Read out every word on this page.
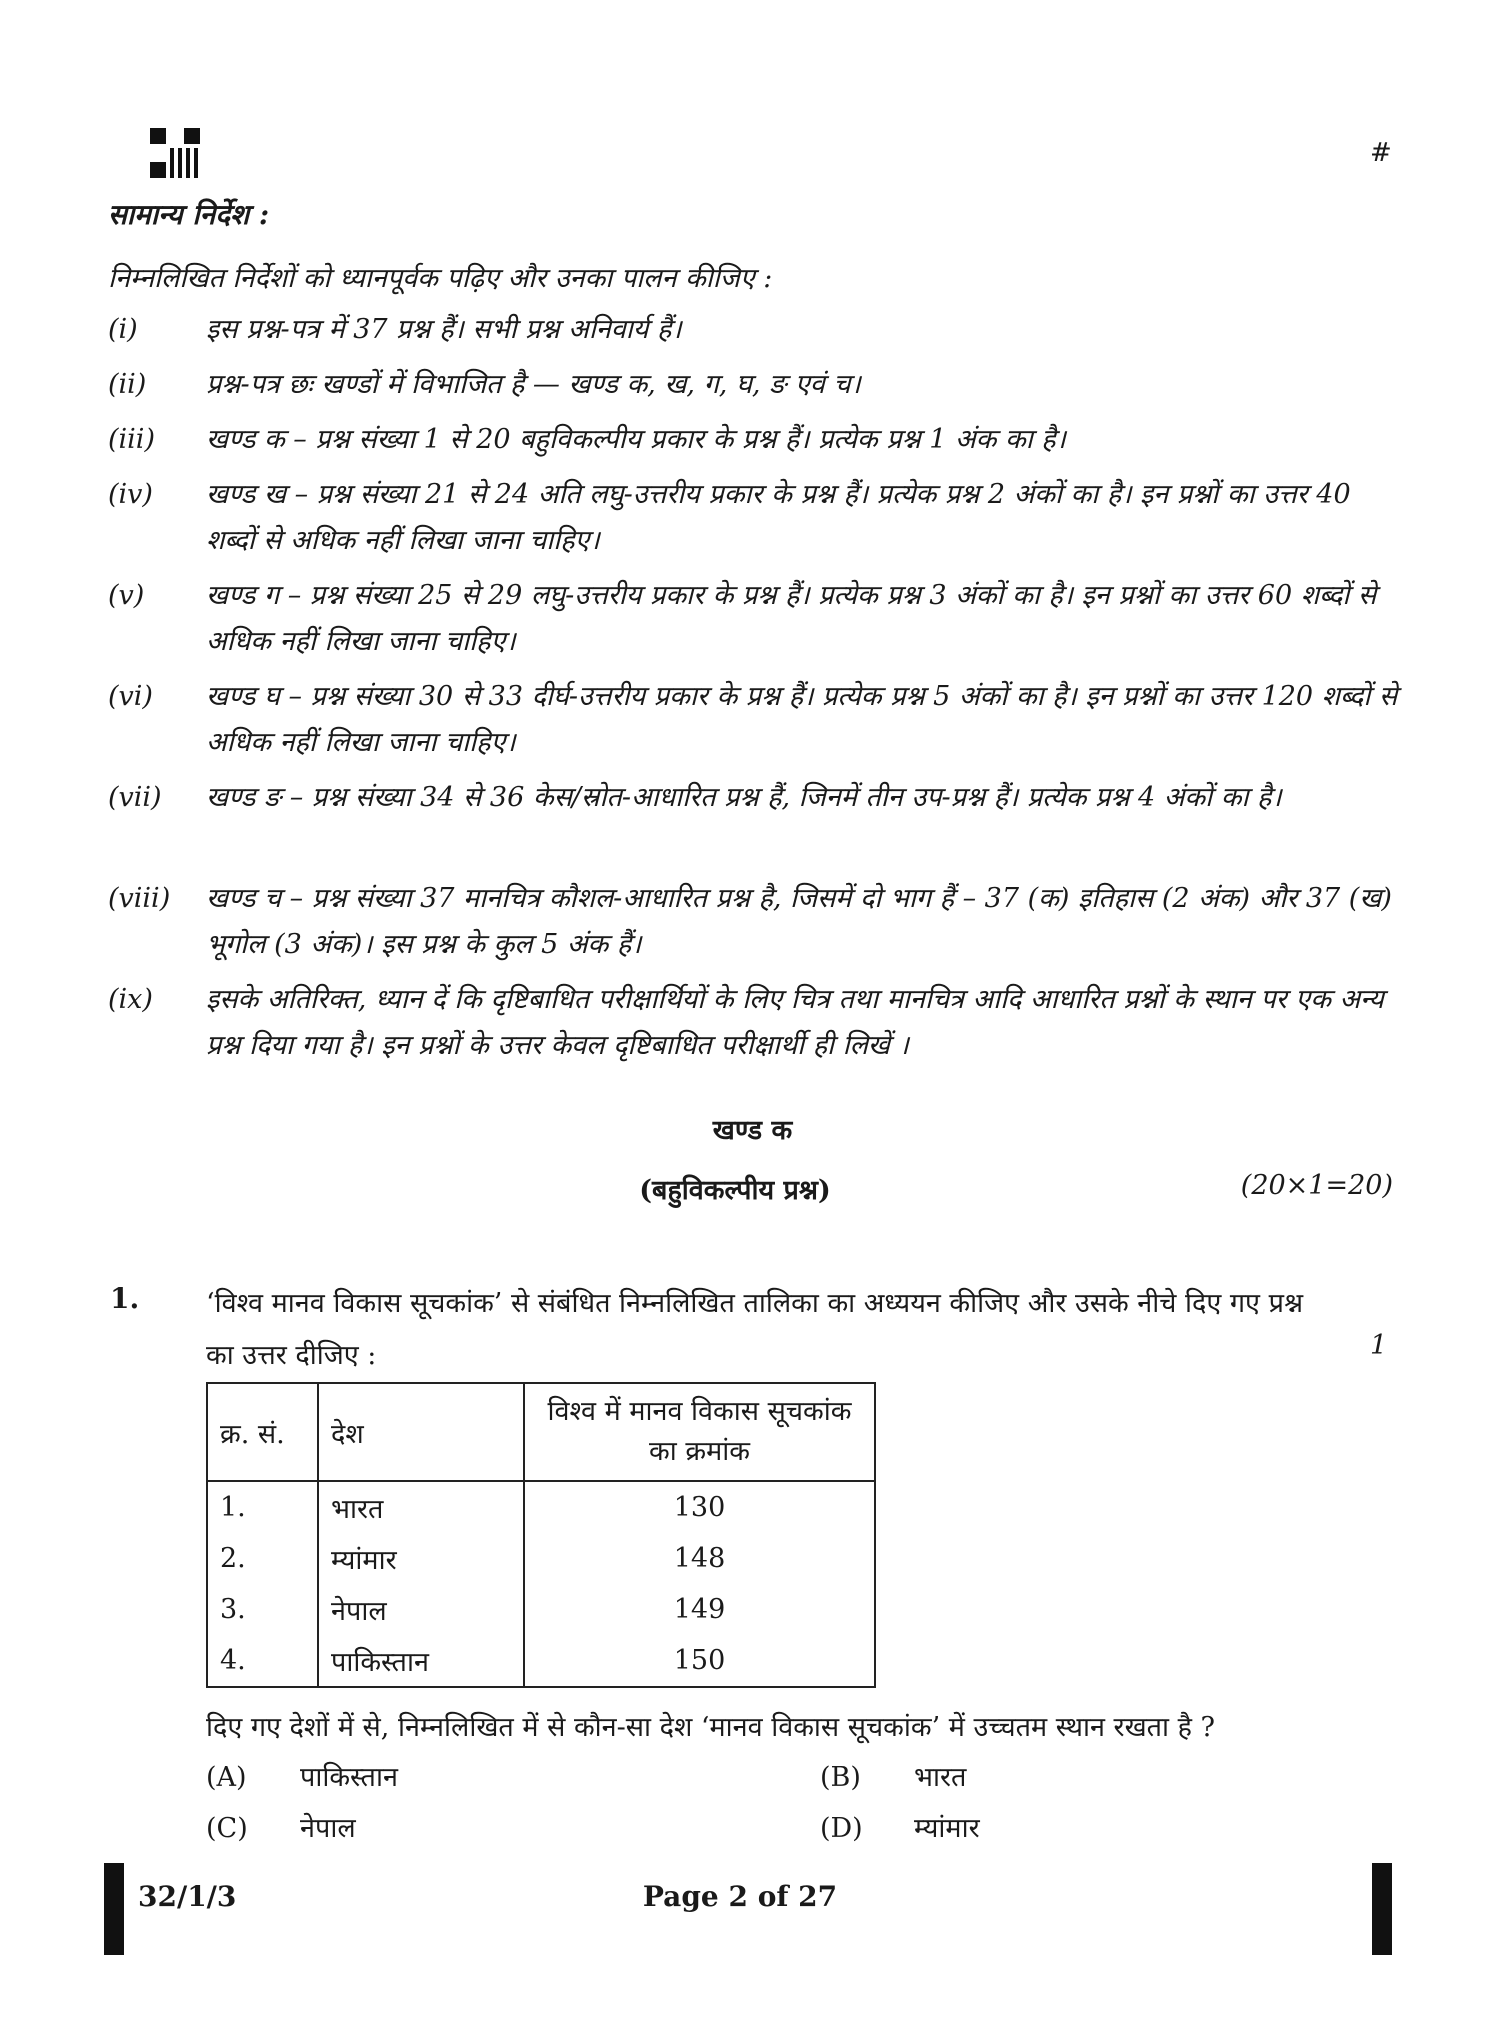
#
सामान्य निर्देश :
निम्नलिखित निर्देशों को ध्यानपूर्वक पढ़िए और उनका पालन कीजिए :
(i)	इस प्रश्न-पत्र में 37 प्रश्न हैं। सभी प्रश्न अनिवार्य हैं।
(ii) प्रश्न-पत्र छः खण्डों में विभाजित है — खण्ड क, ख, ग, घ, ङ एवं च।
(iii) खण्ड क – प्रश्न संख्या 1 से 20 बहुविकल्पीय प्रकार के प्रश्न हैं। प्रत्येक प्रश्न 1 अंक का है।
(iv) खण्ड ख – प्रश्न संख्या 21 से 24 अति लघु-उत्तरीय प्रकार के प्रश्न हैं। प्रत्येक प्रश्न 2 अंकों का है। इन प्रश्नों का उत्तर 40 शब्दों से अधिक नहीं लिखा जाना चाहिए।
(v) खण्ड ग – प्रश्न संख्या 25 से 29 लघु-उत्तरीय प्रकार के प्रश्न हैं। प्रत्येक प्रश्न 3 अंकों का है। इन प्रश्नों का उत्तर 60 शब्दों से अधिक नहीं लिखा जाना चाहिए।
(vi) खण्ड घ – प्रश्न संख्या 30 से 33 दीर्घ-उत्तरीय प्रकार के प्रश्न हैं। प्रत्येक प्रश्न 5 अंकों का है। इन प्रश्नों का उत्तर 120 शब्दों से अधिक नहीं लिखा जाना चाहिए।
(vii) खण्ड ङ – प्रश्न संख्या 34 से 36 केस/स्रोत-आधारित प्रश्न हैं, जिनमें तीन उप-प्रश्न हैं। प्रत्येक प्रश्न 4 अंकों का है।
(viii) खण्ड च – प्रश्न संख्या 37 मानचित्र कौशल-आधारित प्रश्न है, जिसमें दो भाग हैं – 37 (क) इतिहास (2 अंक) और 37 (ख) भूगोल (3 अंक)। इस प्रश्न के कुल 5 अंक हैं।
(ix) इसके अतिरिक्त, ध्यान दें कि दृष्टिबाधित परीक्षार्थियों के लिए चित्र तथा मानचित्र आदि आधारित प्रश्नों के स्थान पर एक अन्य प्रश्न दिया गया है। इन प्रश्नों के उत्तर केवल दृष्टिबाधित परीक्षार्थी ही लिखें ।
खण्ड क
(बहुविकल्पीय प्रश्न)	(20×1=20)
1. ‘विश्व मानव विकास सूचकांक’ से संबंधित निम्नलिखित तालिका का अध्ययन कीजिए और उसके नीचे दिए गए प्रश्न का उत्तर दीजिए :	1
क्र. सं.	देश	विश्व में मानव विकास सूचकांक का क्रमांक
1.	भारत	130
2.	म्यांमार	148
3.	नेपाल	149
4.	पाकिस्तान	150
दिए गए देशों में से, निम्नलिखित में से कौन-सा देश ‘मानव विकास सूचकांक’ में उच्चतम स्थान रखता है ?
(A) पाकिस्तान	(B) भारत
(C) नेपाल	(D) म्यांमार
32/1/3	Page 2 of 27
